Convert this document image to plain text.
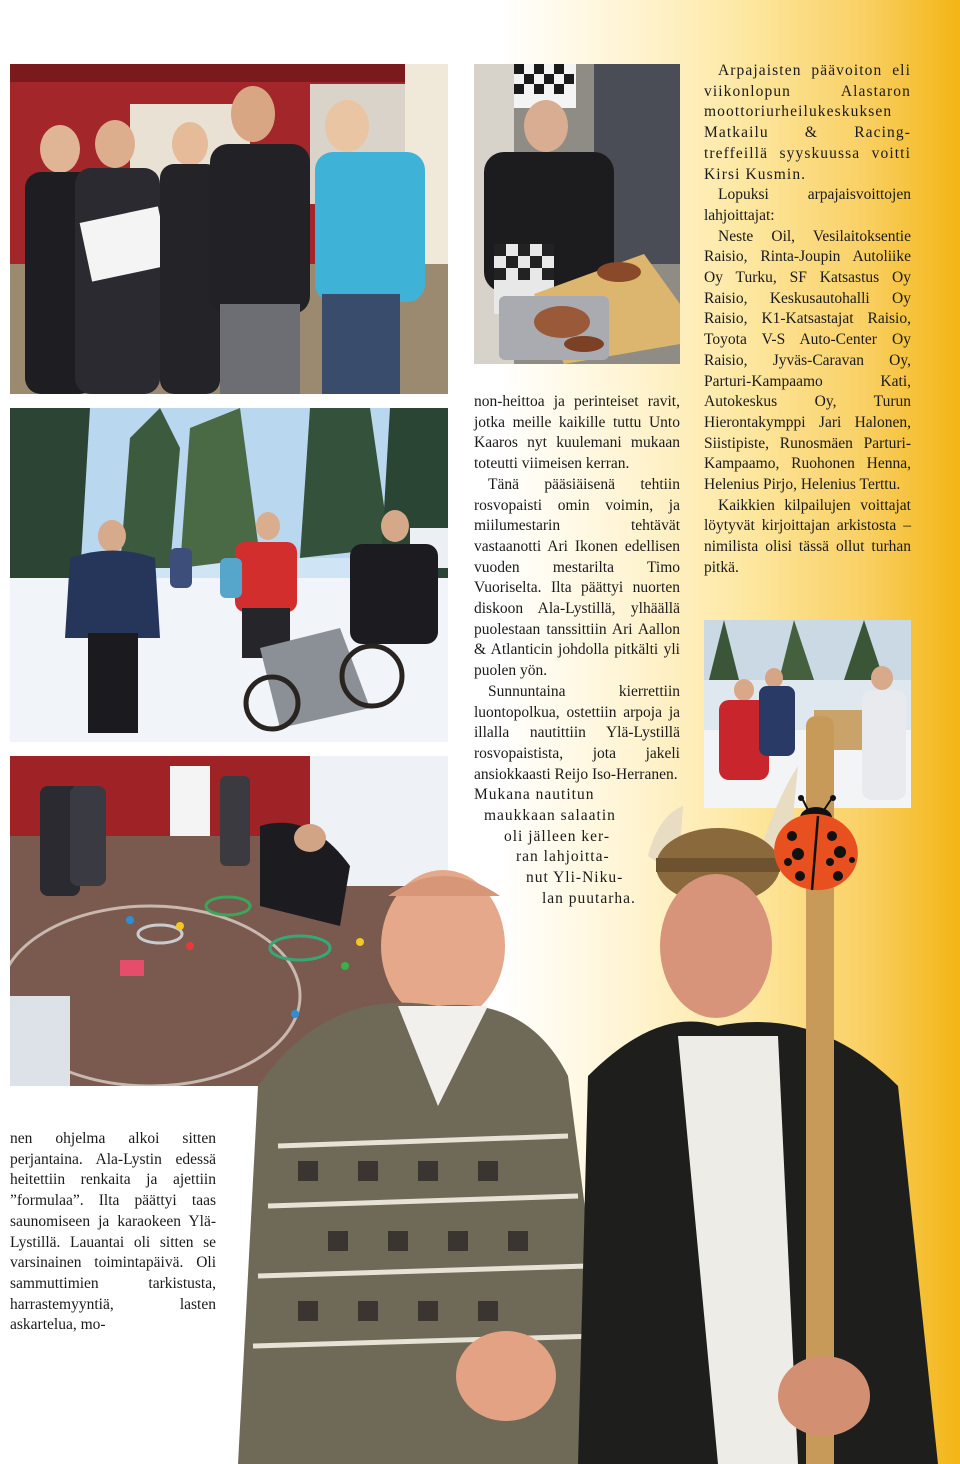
Arpajaisten päävoiton eli viikonlopun Alastaron moottoriurheilukeskuksen Matkailu & Racing-treffeillä syyskuussa voitti Kirsi Kusmin.

Lopuksi arpajaisvoittojen lahjoittajat:

Neste Oil, Vesilaitoksentie Raisio, Rinta-Joupin Autoliike Oy Turku, SF Katsastus Oy Raisio, Keskusautohalli Oy Raisio, K1-Katsastajat Raisio, Toyota V-S Auto-Center Oy Raisio, Jyväs-Caravan Oy, Parturi-Kampaamo Kati, Autokeskus Oy, Turun Hierontakymppi Jari Halonen, Siistipiste, Runosmäen Parturi-Kampaamo, Ruohonen Henna, Helenius Pirjo, Helenius Terttu.

Kaikkien kilpailujen voittajat löytyvät kirjoittajan arkistosta – nimilista olisi tässä ollut turhan pitkä.

non-heittoa ja perinteiset ravit, jotka meille kaikille tuttu Unto Kaaros nyt kuulemani mukaan toteutti viimeisen kerran.

Tänä pääsiäisenä tehtiin rosvopaisti omin voimin, ja miilumestarin tehtävät vastaanotti Ari Ikonen edellisen vuoden mestarilta Timo Vuoriselta. Ilta päättyi nuorten diskoon Ala-Lystillä, ylhäällä puolestaan tanssittiin Ari Aallon & Atlanticin johdolla pitkälti yli puolen yön.

Sunnuntaina kierrettiin luontopolkua, ostettiin arpoja ja illalla nautittiin Ylä-Lystillä rosvopaistista, jota jakeli ansiokkaasti Reijo Iso-Herranen.

Mukana nautitun
maukkaan salaatin
oli jälleen ker-
ran lahjoitta-
nut Yli-Niku-
lan puutarha.

nen ohjelma alkoi sitten perjantaina. Ala-Lystin edessä heitettiin renkaita ja ajettiin ”formulaa”. Ilta päättyi taas saunomiseen ja karaokeen Ylä-Lystillä. Lauantai oli sitten se varsinainen toimintapäivä. Oli sammuttimien tarkistusta, harrastemyyntiä, lasten askartelua, mo-
